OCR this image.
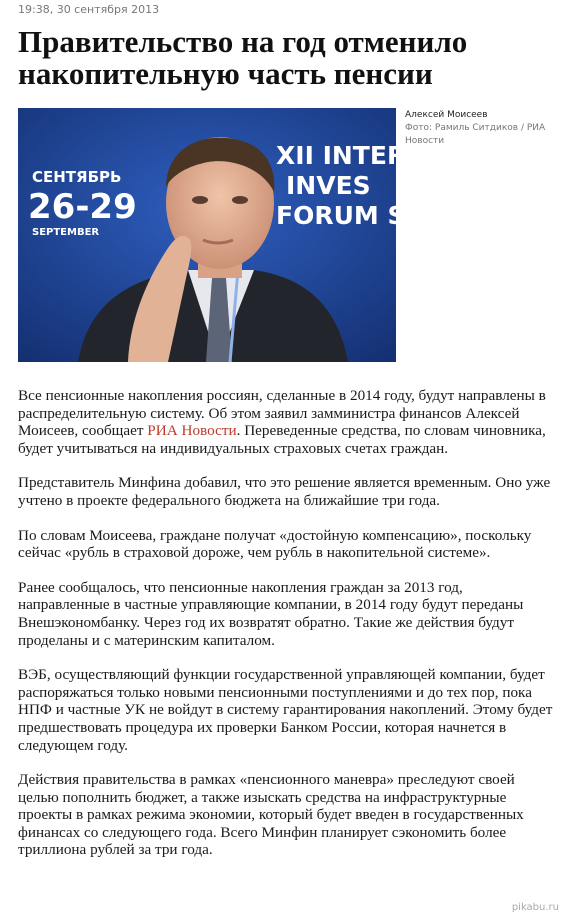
19:38, 30 сентября 2013
Правительство на год отменило накопительную часть пенсии
СЕНТЯБРЬ
26-29
SEPTEMBER
XII INTER
INVES
FORUM SO
Алексей Моисеев
Фото: Рамиль Ситдиков / РИА Новости

Все пенсионные накопления россиян, сделанные в 2014 году, будут направлены в распределительную систему. Об этом заявил замминистра финансов Алексей Моисеев, сообщает РИА Новости. Переведенные средства, по словам чиновника, будет учитываться на индивидуальных страховых счетах граждан.

Представитель Минфина добавил, что это решение является временным. Оно уже учтено в проекте федерального бюджета на ближайшие три года.

По словам Моисеева, граждане получат «достойную компенсацию», поскольку сейчас «рубль в страховой дороже, чем рубль в накопительной системе».

Ранее сообщалось, что пенсионные накопления граждан за 2013 год, направленные в частные управляющие компании, в 2014 году будут переданы Внешэкономбанку. Через год их возвратят обратно. Такие же действия будут проделаны и с материнским капиталом.

ВЭБ, осуществляющий функции государственной управляющей компании, будет распоряжаться только новыми пенсионными поступлениями и до тех пор, пока НПФ и частные УК не войдут в систему гарантирования накоплений. Этому будет предшествовать процедура их проверки Банком России, которая начнется в следующем году.

Действия правительства в рамках «пенсионного маневра» преследуют своей целью пополнить бюджет, а также изыскать средства на инфраструктурные проекты в рамках режима экономии, который будет введен в государственных финансах со следующего года. Всего Минфин планирует сэкономить более триллиона рублей за три года.

pikabu.ru
